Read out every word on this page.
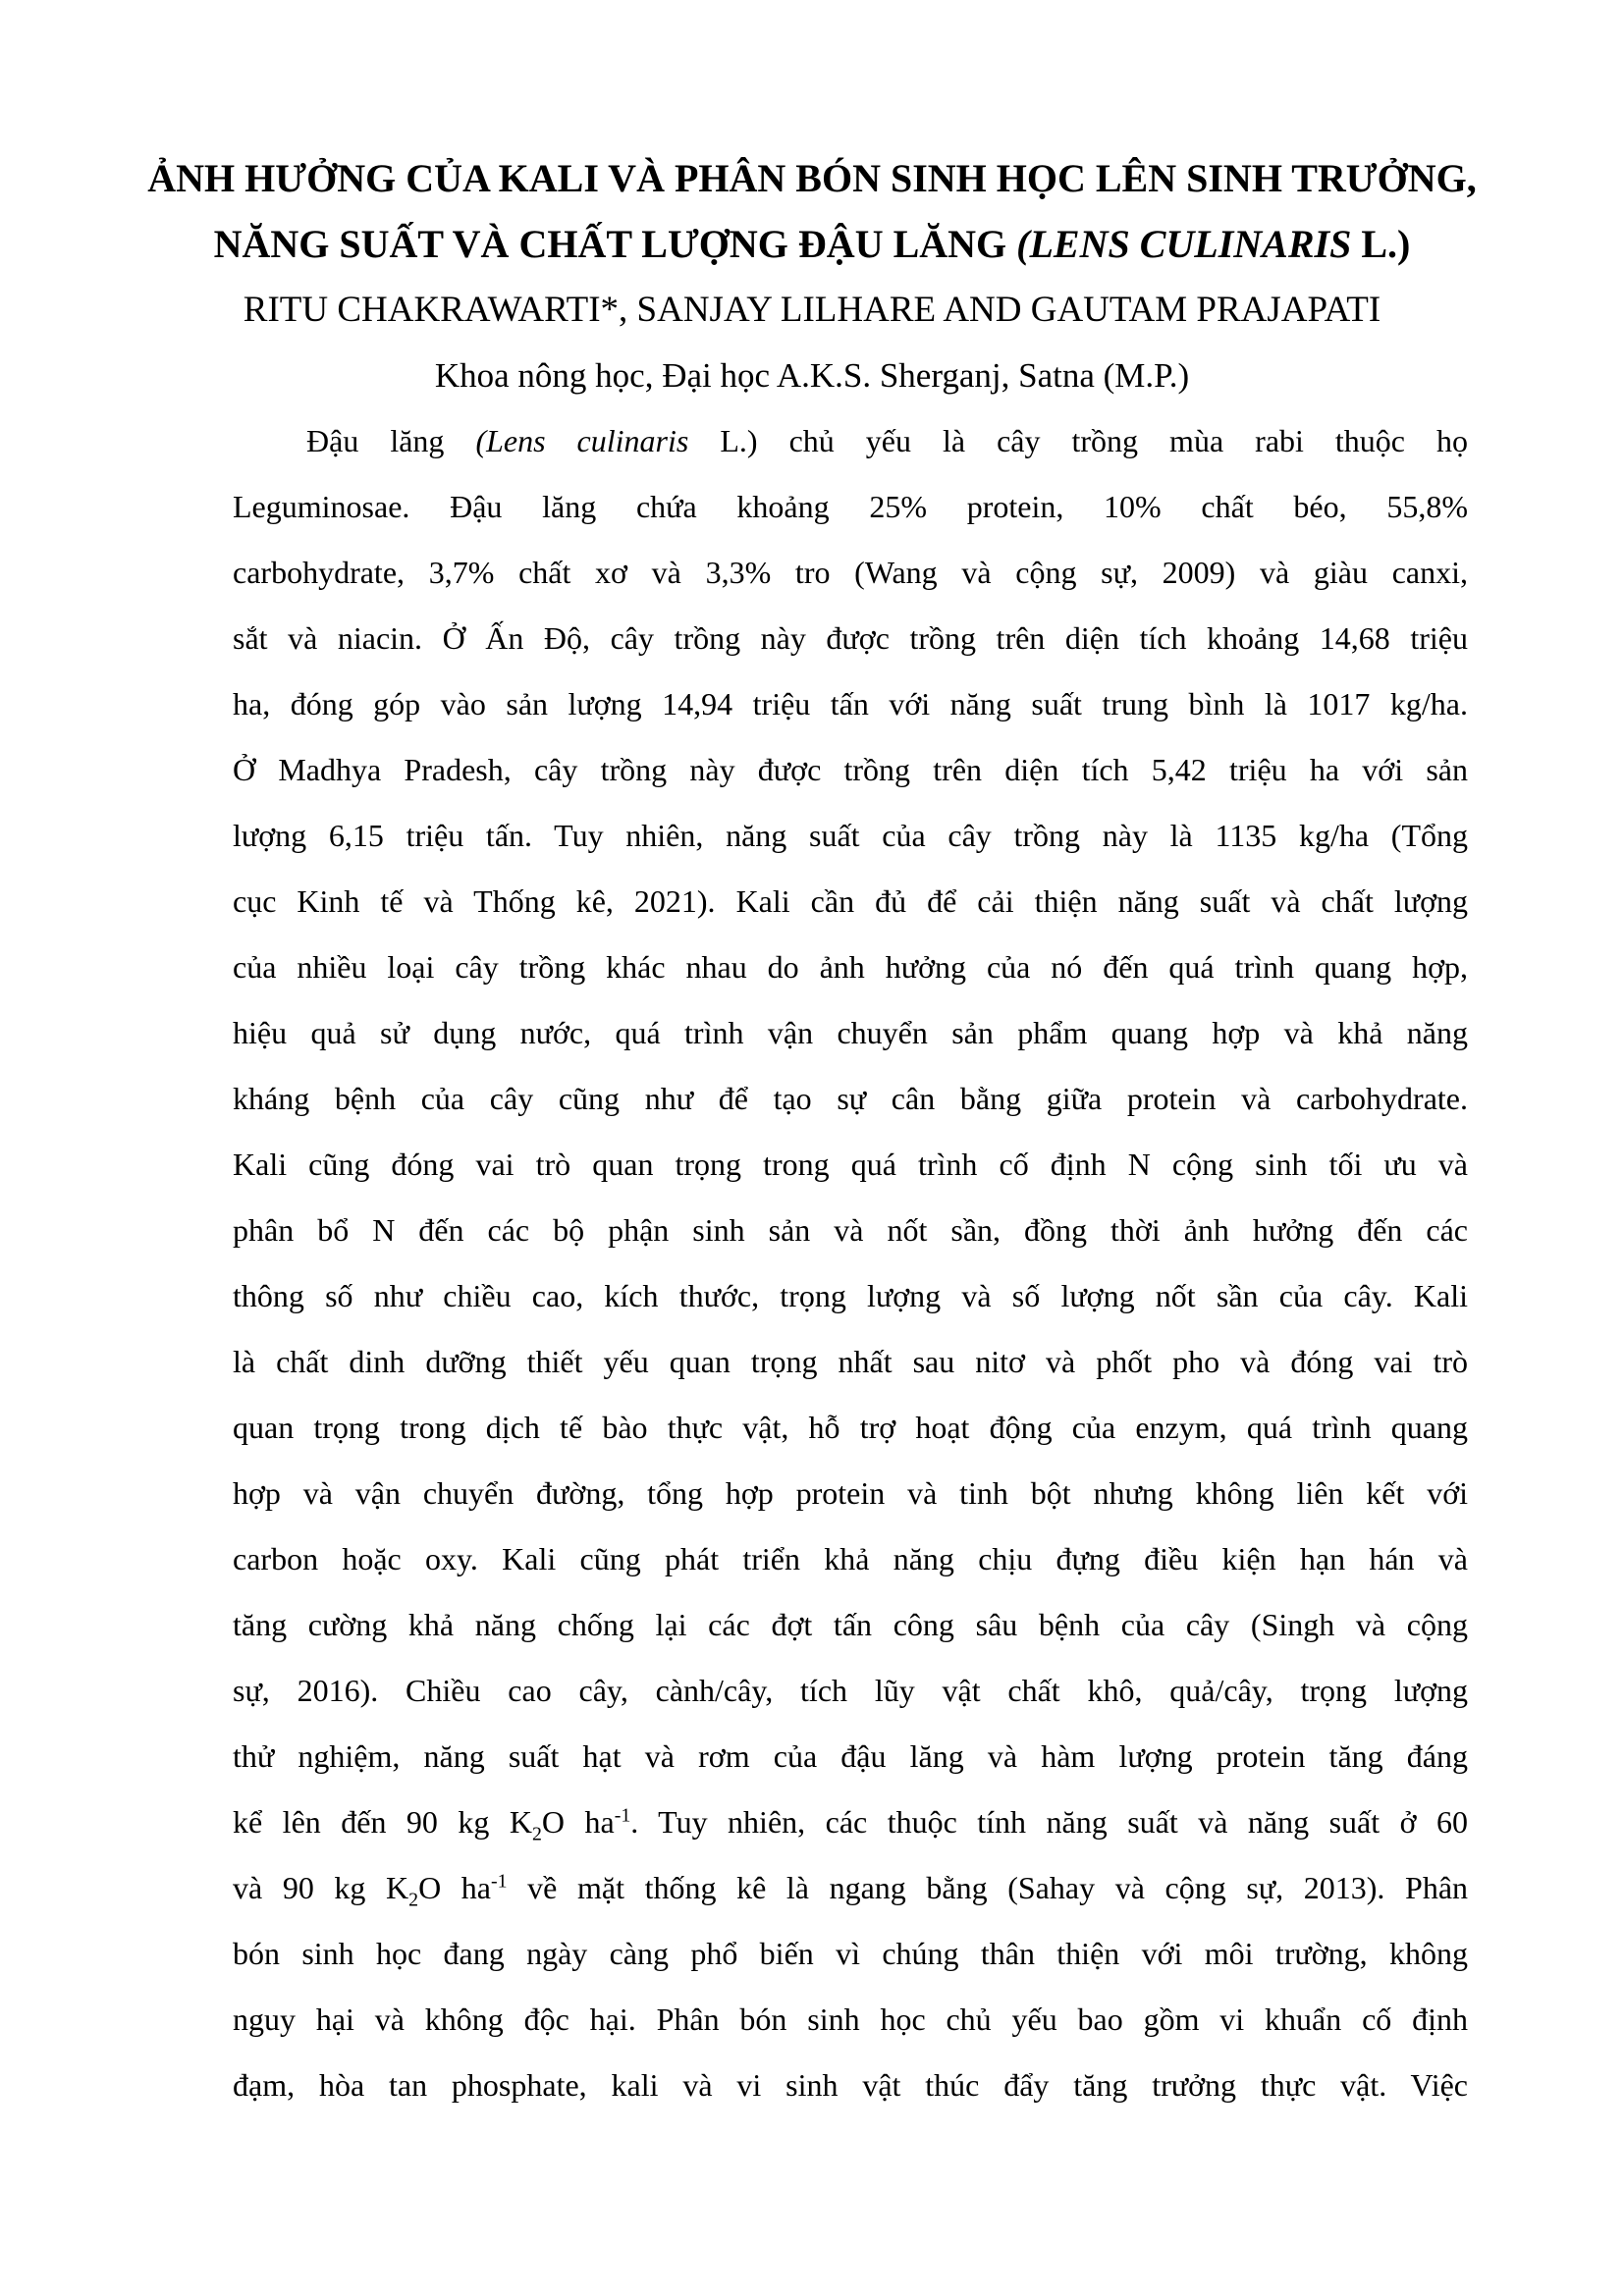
ẢNH HƯỞNG CỦA KALI VÀ PHÂN BÓN SINH HỌC LÊN SINH TRƯỞNG,
NĂNG SUẤT VÀ CHẤT LƯỢNG ĐẬU LĂNG (LENS CULINARIS L.)
RITU CHAKRAWARTI*, SANJAY LILHARE AND GAUTAM PRAJAPATI
Khoa nông học, Đại học A.K.S. Sherganj, Satna (M.P.)
Đậu lăng (Lens culinaris L.) chủ yếu là cây trồng mùa rabi thuộc họ
Leguminosae. Đậu lăng chứa khoảng 25% protein, 10% chất béo, 55,8%
carbohydrate, 3,7% chất xơ và 3,3% tro (Wang và cộng sự, 2009) và giàu canxi,
sắt và niacin. Ở Ấn Độ, cây trồng này được trồng trên diện tích khoảng 14,68 triệu
ha, đóng góp vào sản lượng 14,94 triệu tấn với năng suất trung bình là 1017 kg/ha.
Ở Madhya Pradesh, cây trồng này được trồng trên diện tích 5,42 triệu ha với sản
lượng 6,15 triệu tấn. Tuy nhiên, năng suất của cây trồng này là 1135 kg/ha (Tổng
cục Kinh tế và Thống kê, 2021). Kali cần đủ để cải thiện năng suất và chất lượng
của nhiều loại cây trồng khác nhau do ảnh hưởng của nó đến quá trình quang hợp,
hiệu quả sử dụng nước, quá trình vận chuyển sản phẩm quang hợp và khả năng
kháng bệnh của cây cũng như để tạo sự cân bằng giữa protein và carbohydrate.
Kali cũng đóng vai trò quan trọng trong quá trình cố định N cộng sinh tối ưu và
phân bổ N đến các bộ phận sinh sản và nốt sần, đồng thời ảnh hưởng đến các
thông số như chiều cao, kích thước, trọng lượng và số lượng nốt sần của cây. Kali
là chất dinh dưỡng thiết yếu quan trọng nhất sau nitơ và phốt pho và đóng vai trò
quan trọng trong dịch tế bào thực vật, hỗ trợ hoạt động của enzym, quá trình quang
hợp và vận chuyển đường, tổng hợp protein và tinh bột nhưng không liên kết với
carbon hoặc oxy. Kali cũng phát triển khả năng chịu đựng điều kiện hạn hán và
tăng cường khả năng chống lại các đợt tấn công sâu bệnh của cây (Singh và cộng
sự, 2016). Chiều cao cây, cành/cây, tích lũy vật chất khô, quả/cây, trọng lượng
thử nghiệm, năng suất hạt và rơm của đậu lăng và hàm lượng protein tăng đáng
kể lên đến 90 kg $K_2O$ $ha^{-1}$. Tuy nhiên, các thuộc tính năng suất và năng suất ở 60
và 90 kg $K_2O$ $ha^{-1}$ về mặt thống kê là ngang bằng (Sahay và cộng sự, 2013). Phân
bón sinh học đang ngày càng phổ biến vì chúng thân thiện với môi trường, không
nguy hại và không độc hại. Phân bón sinh học chủ yếu bao gồm vi khuẩn cố định
đạm, hòa tan phosphate, kali và vi sinh vật thúc đẩy tăng trưởng thực vật. Việc
